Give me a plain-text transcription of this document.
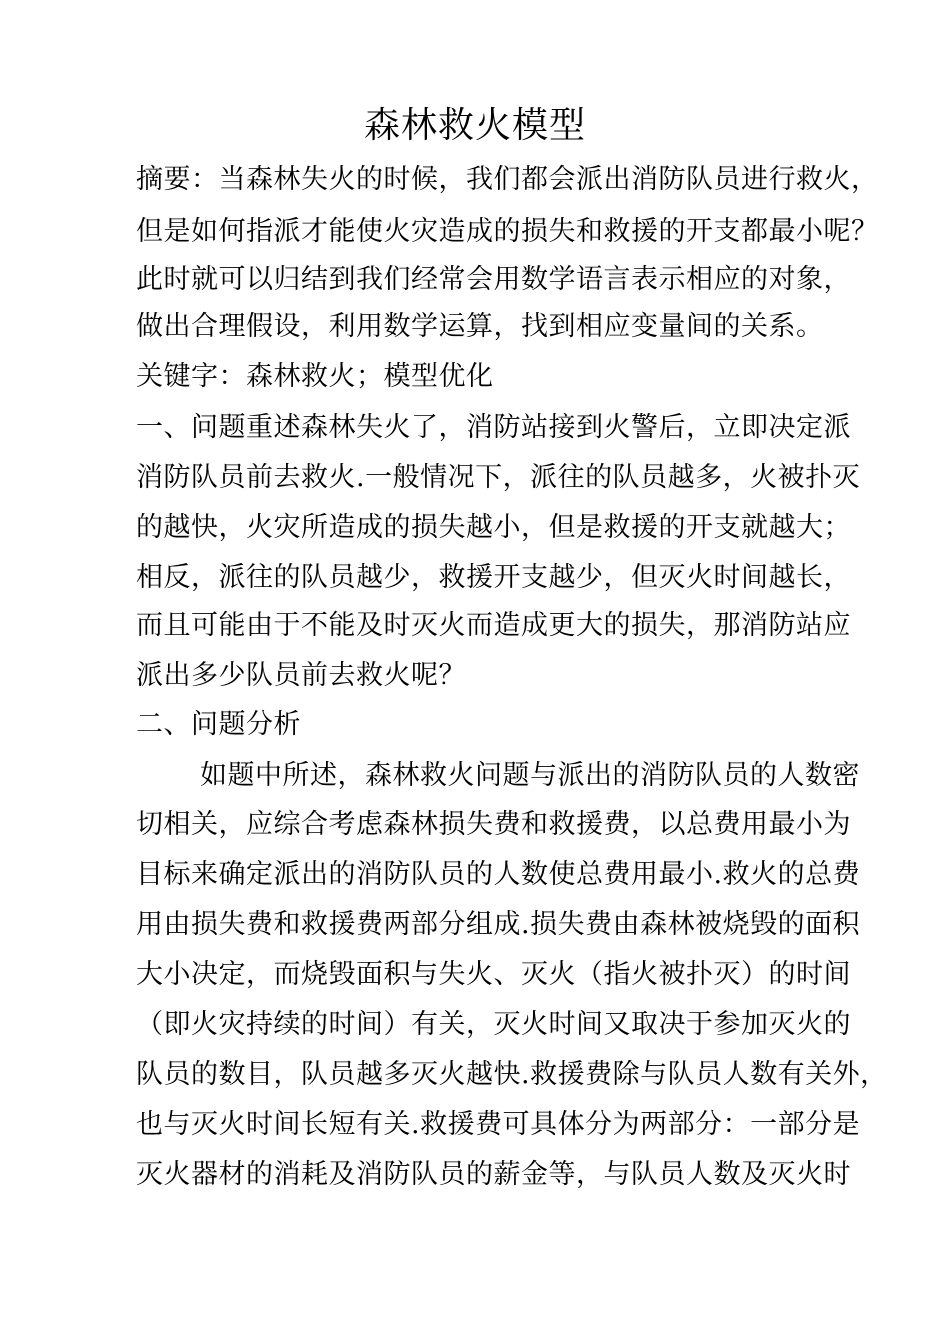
森林救火模型
摘要：当森林失火的时候，我们都会派出消防队员进行救火，
但是如何指派才能使火灾造成的损失和救援的开支都最小呢？
此时就可以归结到我们经常会用数学语言表示相应的对象，
做出合理假设，利用数学运算，找到相应变量间的关系。
关键字：森林救火；模型优化
一、问题重述森林失火了，消防站接到火警后，立即决定派
消防队员前去救火.一般情况下，派往的队员越多，火被扑灭
的越快，火灾所造成的损失越小，但是救援的开支就越大；
相反，派往的队员越少，救援开支越少，但灭火时间越长，
而且可能由于不能及时灭火而造成更大的损失，那消防站应
派出多少队员前去救火呢？
二、问题分析
如题中所述，森林救火问题与派出的消防队员的人数密
切相关，应综合考虑森林损失费和救援费，以总费用最小为
目标来确定派出的消防队员的人数使总费用最小.救火的总费
用由损失费和救援费两部分组成.损失费由森林被烧毁的面积
大小决定，而烧毁面积与失火、灭火（指火被扑灭）的时间
（即火灾持续的时间）有关，灭火时间又取决于参加灭火的
队员的数目，队员越多灭火越快.救援费除与队员人数有关外，
也与灭火时间长短有关.救援费可具体分为两部分：一部分是
灭火器材的消耗及消防队员的薪金等，与队员人数及灭火时
